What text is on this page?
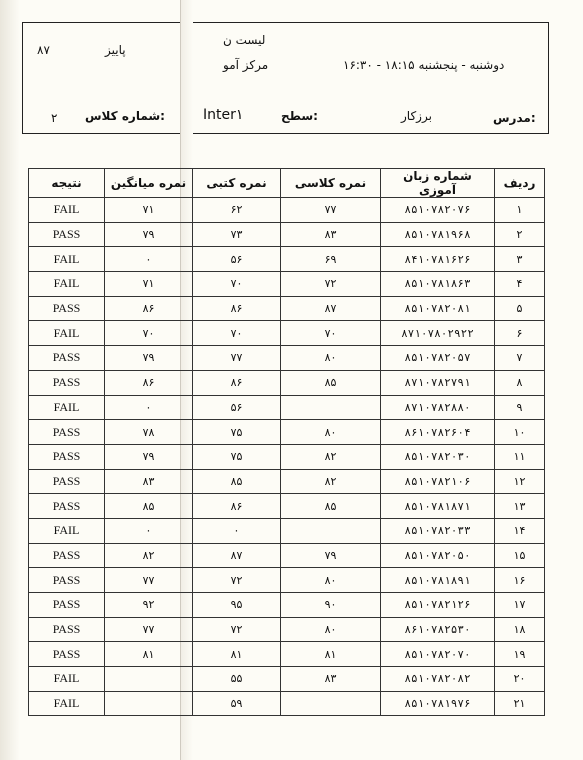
لیست ن
پاییز
۸۷
مرکز آمو	دوشنبه - پنجشنبه ۱۸:۱۵ - ۱۶:۳۰
۲ شماره کلاس:	Inter۱	سطح:	برزکار	مدرس:
ردیف	شماره زبان آموزی	نمره کلاسی	نمره کتبی	نمره میانگین	نتیجه
۱	۸۵۱۰۷۸۲۰۷۶	۷۷	۶۲	۷۱	FAIL
۲	۸۵۱۰۷۸۱۹۶۸	۸۳	۷۳	۷۹	PASS
۳	۸۴۱۰۷۸۱۶۲۶	۶۹	۵۶	۰	FAIL
۴	۸۵۱۰۷۸۱۸۶۳	۷۲	۷۰	۷۱	FAIL
۵	۸۵۱۰۷۸۲۰۸۱	۸۷	۸۶	۸۶	PASS
۶	۸۷۱۰۷۸۰۲۹۲۲	۷۰	۷۰	۷۰	FAIL
۷	۸۵۱۰۷۸۲۰۵۷	۸۰	۷۷	۷۹	PASS
۸	۸۷۱۰۷۸۲۷۹۱	۸۵	۸۶	۸۶	PASS
۹	۸۷۱۰۷۸۲۸۸۰		۵۶	۰	FAIL
۱۰	۸۶۱۰۷۸۲۶۰۴	۸۰	۷۵	۷۸	PASS
۱۱	۸۵۱۰۷۸۲۰۳۰	۸۲	۷۵	۷۹	PASS
۱۲	۸۵۱۰۷۸۲۱۰۶	۸۲	۸۵	۸۳	PASS
۱۳	۸۵۱۰۷۸۱۸۷۱	۸۵	۸۶	۸۵	PASS
۱۴	۸۵۱۰۷۸۲۰۳۳		۰	۰	FAIL
۱۵	۸۵۱۰۷۸۲۰۵۰	۷۹	۸۷	۸۲	PASS
۱۶	۸۵۱۰۷۸۱۸۹۱	۸۰	۷۲	۷۷	PASS
۱۷	۸۵۱۰۷۸۲۱۲۶	۹۰	۹۵	۹۲	PASS
۱۸	۸۶۱۰۷۸۲۵۳۰	۸۰	۷۲	۷۷	PASS
۱۹	۸۵۱۰۷۸۲۰۷۰	۸۱	۸۱	۸۱	PASS
۲۰	۸۵۱۰۷۸۲۰۸۲	۸۳	۵۵		FAIL
۲۱	۸۵۱۰۷۸۱۹۷۶		۵۹		FAIL
